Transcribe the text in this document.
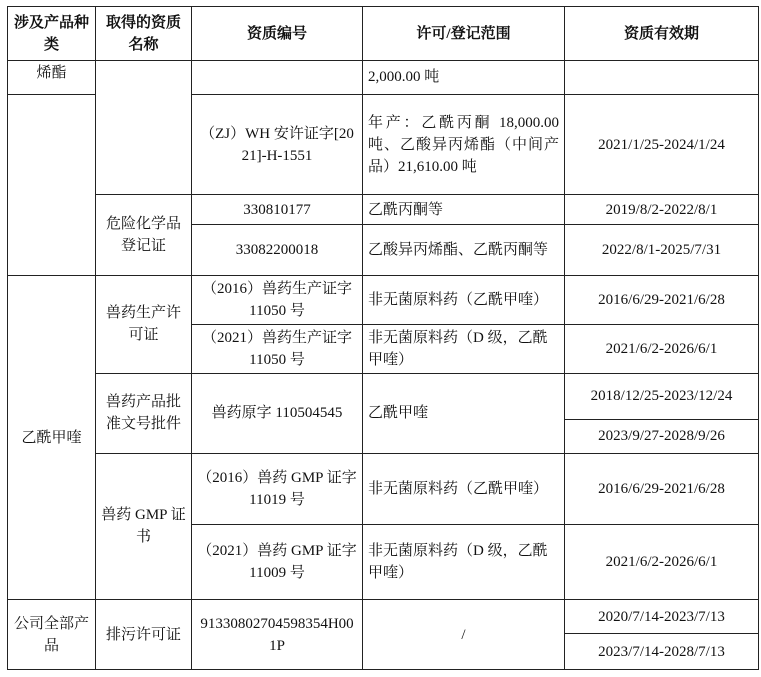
涉及产品种类	取得的资质名称	资质编号	许可/登记范围	资质有效期
烯酯			2,000.00 吨	
		（ZJ）WH 安许证字[2021]-H-1551	年产：乙酰丙酮 18,000.00 吨、乙酸异丙烯酯（中间产品）21,610.00 吨	2021/1/25-2024/1/24
	危险化学品登记证	330810177	乙酰丙酮等	2019/8/2-2022/8/1
		33082200018	乙酸异丙烯酯、乙酰丙酮等	2022/8/1-2025/7/31
乙酰甲喹	兽药生产许可证	（2016）兽药生产证字 11050 号	非无菌原料药（乙酰甲喹）	2016/6/29-2021/6/28
		（2021）兽药生产证字 11050 号	非无菌原料药（D 级，乙酰甲喹）	2021/6/2-2026/6/1
	兽药产品批准文号批件	兽药原字 110504545	乙酰甲喹	2018/12/25-2023/12/24
				2023/9/27-2028/9/26
	兽药 GMP 证书	（2016）兽药 GMP 证字 11019 号	非无菌原料药（乙酰甲喹）	2016/6/29-2021/6/28
		（2021）兽药 GMP 证字 11009 号	非无菌原料药（D 级，乙酰甲喹）	2021/6/2-2026/6/1
公司全部产品	排污许可证	91330802704598354H001P	/	2020/7/14-2023/7/13
				2023/7/14-2028/7/13
